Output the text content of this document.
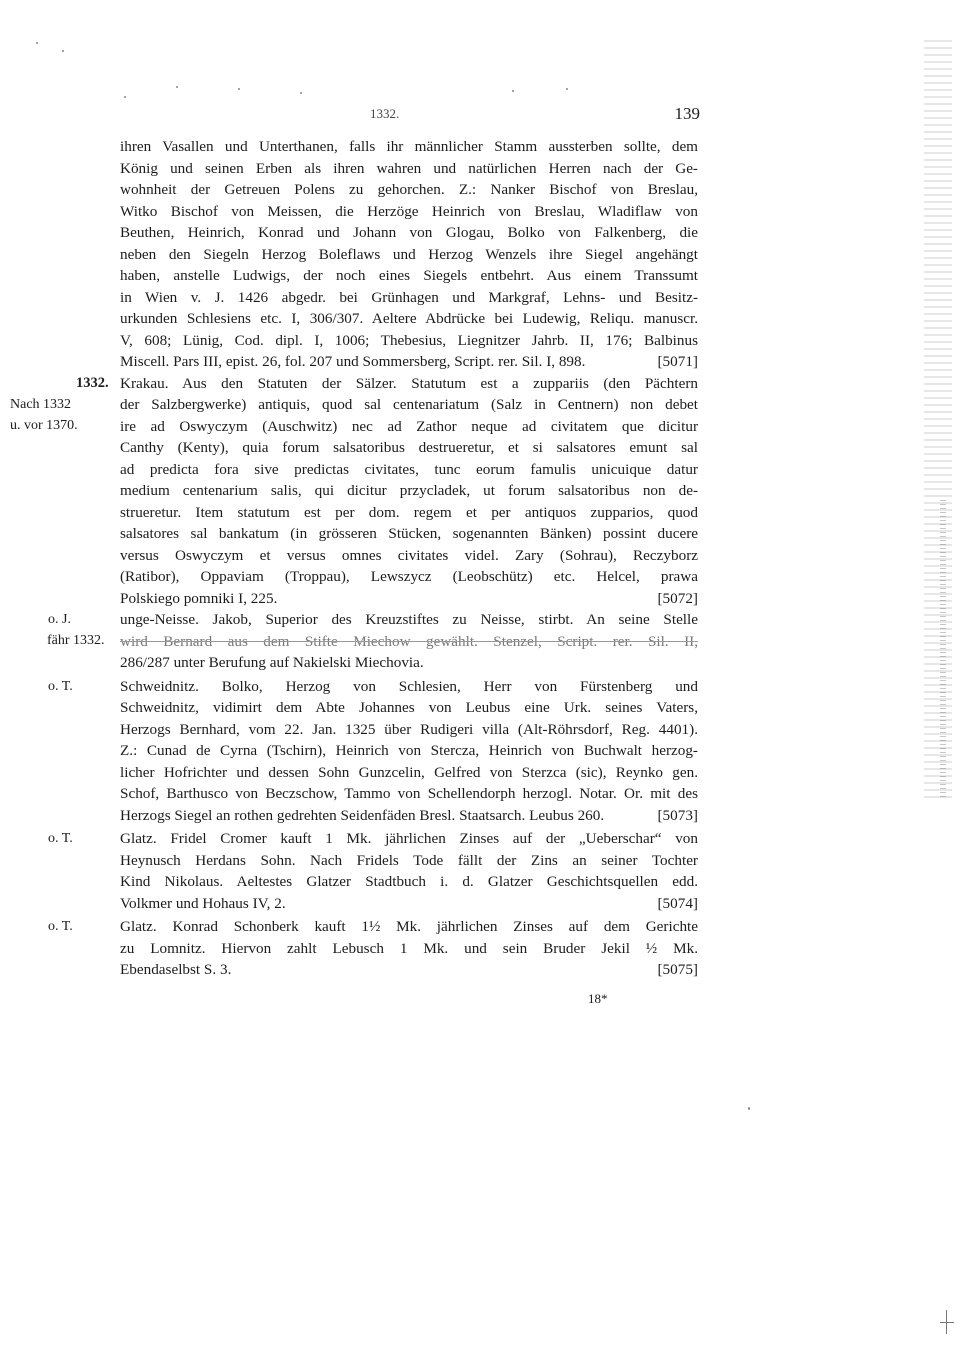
1332.	139
ihren Vasallen und Unterthanen, falls ihr männlicher Stamm aussterben sollte, dem
König und seinen Erben als ihren wahren und natürlichen Herren nach der Ge-
wohnheit der Getreuen Polens zu gehorchen. Z.: Nanker Bischof von Breslau,
Witko Bischof von Meissen, die Herzöge Heinrich von Breslau, Wladiflaw von
Beuthen, Heinrich, Konrad und Johann von Glogau, Bolko von Falkenberg, die
neben den Siegeln Herzog Boleflaws und Herzog Wenzels ihre Siegel angehängt
haben, anstelle Ludwigs, der noch eines Siegels entbehrt. Aus einem Transsumt
in Wien v. J. 1426 abgedr. bei Grünhagen und Markgraf, Lehns- und Besitz-
urkunden Schlesiens etc. I, 306/307. Aeltere Abdrücke bei Ludewig, Reliqu. manuscr.
V, 608; Lünig, Cod. dipl. I, 1006; Thebesius, Liegnitzer Jahrb. II, 176; Balbinus
Miscell. Pars III, epist. 26, fol. 207 und Sommersberg, Script. rer. Sil. I, 898.	[5071]
1332.
Nach 1332
u. vor 1370.
Krakau. Aus den Statuten der Sälzer. Statutum est a zuppariis (den Pächtern
der Salzbergwerke) antiquis, quod sal centenariatum (Salz in Centnern) non debet
ire ad Oswyczym (Auschwitz) nec ad Zathor neque ad civitatem que dicitur
Canthy (Kenty), quia forum salsatoribus destrueretur, et si salsatores emunt sal
ad predicta fora sive predictas civitates, tunc eorum famulis unicuique datur
medium centenarium salis, qui dicitur przycladek, ut forum salsatoribus non de-
strueretur. Item statutum est per dom. regem et per antiquos zupparios, quod
salsatores sal bankatum (in grösseren Stücken, sogenannten Bänken) possint ducere
versus Oswyczym et versus omnes civitates videl. Zary (Sohrau), Reczyborz
(Ratibor), Oppaviam (Troppau), Lewszycz (Leobschütz) etc. Helcel, prawa
Polskiego pomniki I, 225.	[5072]
o. J.
fähr 1332.
unge-Neisse. Jakob, Superior des Kreuzstiftes zu Neisse, stirbt. An seine Stelle
wird Bernard aus dem Stifte Miechow gewählt. Stenzel, Script. rer. Sil. II,
286/287 unter Berufung auf Nakielski Miechovia.
o. T.	Schweidnitz. Bolko, Herzog von Schlesien, Herr von Fürstenberg und
Schweidnitz, vidimirt dem Abte Johannes von Leubus eine Urk. seines Vaters,
Herzogs Bernhard, vom 22. Jan. 1325 über Rudigeri villa (Alt-Röhrsdorf, Reg. 4401).
Z.: Cunad de Cyrna (Tschirn), Heinrich von Stercza, Heinrich von Buchwalt herzog-
licher Hofrichter und dessen Sohn Gunzcelin, Gelfred von Sterzca (sic), Reynko gen.
Schof, Barthusco von Beczschow, Tammo von Schellendorph herzogl. Notar. Or. mit des
Herzogs Siegel an rothen gedrehten Seidenfäden Bresl. Staatsarch. Leubus 260.	[5073]
o. T.	Glatz. Fridel Cromer kauft 1 Mk. jährlichen Zinses auf der „Ueberschar“ von
Heynusch Herdans Sohn. Nach Fridels Tode fällt der Zins an seiner Tochter
Kind Nikolaus. Aeltestes Glatzer Stadtbuch i. d. Glatzer Geschichtsquellen edd.
Volkmer und Hohaus IV, 2.	[5074]
o. T.	Glatz. Konrad Schonberk kauft 1½ Mk. jährlichen Zinses auf dem Gerichte
zu Lomnitz. Hiervon zahlt Lebusch 1 Mk. und sein Bruder Jekil ½ Mk.
Ebendaselbst S. 3.	[5075]
18*
